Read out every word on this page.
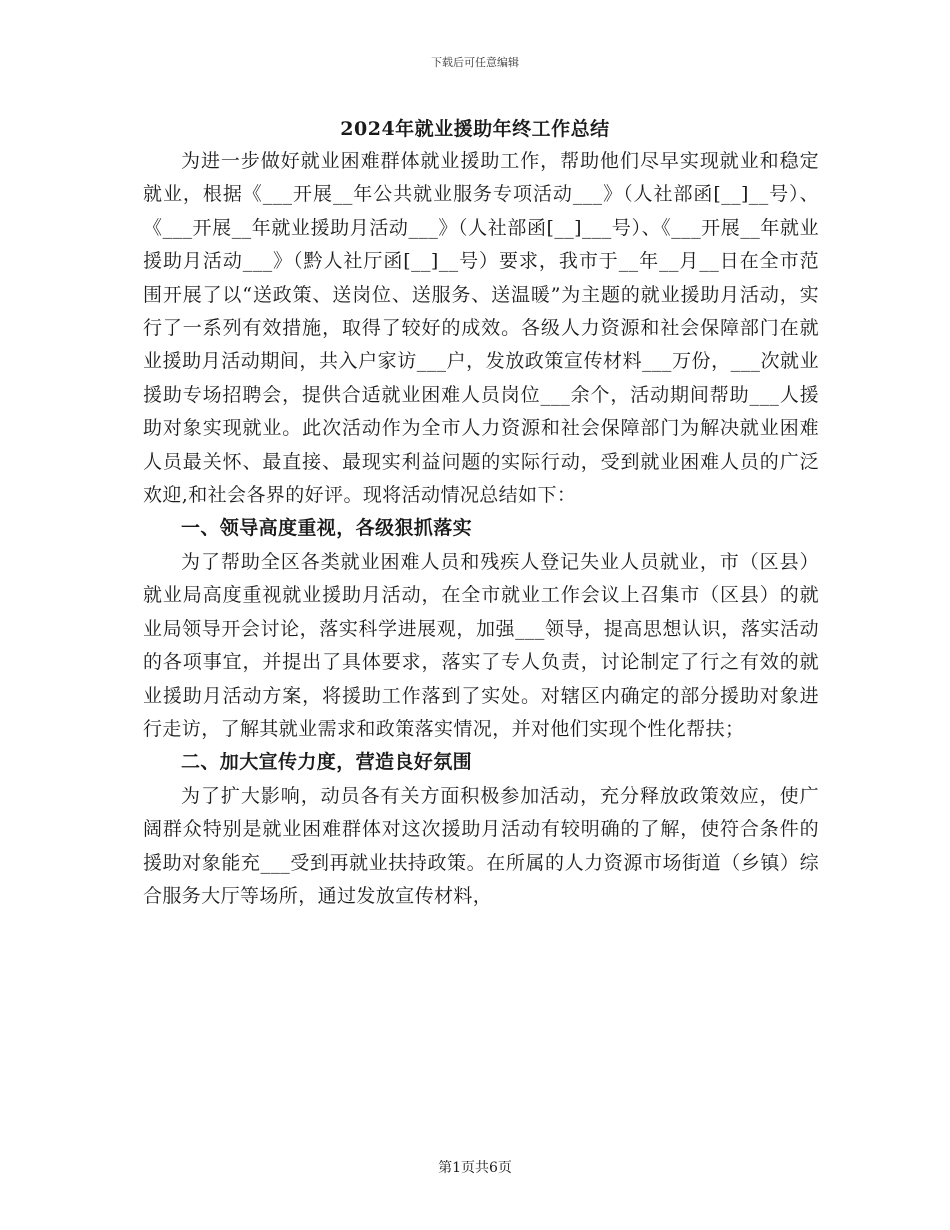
下载后可任意编辑
2024年就业援助年终工作总结

为进一步做好就业困难群体就业援助工作，帮助他们尽早实现就业和稳定就业，根据《___开展__年公共就业服务专项活动___》（人社部函[__]__号）、《___开展__年就业援助月活动___》（人社部函[__]___号）、《___开展__年就业援助月活动___》（黔人社厅函[__]__号）要求，我市于__年__月__日在全市范围开展了以“送政策、送岗位、送服务、送温暖”为主题的就业援助月活动，实行了一系列有效措施，取得了较好的成效。各级人力资源和社会保障部门在就业援助月活动期间，共入户家访___户，发放政策宣传材料___万份，___次就业援助专场招聘会，提供合适就业困难人员岗位___余个，活动期间帮助___人援助对象实现就业。此次活动作为全市人力资源和社会保障部门为解决就业困难人员最关怀、最直接、最现实利益问题的实际行动，受到就业困难人员的广泛欢迎,和社会各界的好评。现将活动情况总结如下：

一、领导高度重视，各级狠抓落实

为了帮助全区各类就业困难人员和残疾人登记失业人员就业，市（区县）就业局高度重视就业援助月活动，在全市就业工作会议上召集市（区县）的就业局领导开会讨论，落实科学进展观，加强___领导，提高思想认识，落实活动的各项事宜，并提出了具体要求，落实了专人负责，讨论制定了行之有效的就业援助月活动方案，将援助工作落到了实处。对辖区内确定的部分援助对象进行走访，了解其就业需求和政策落实情况，并对他们实现个性化帮扶；

二、加大宣传力度，营造良好氛围

为了扩大影响，动员各有关方面积极参加活动，充分释放政策效应，使广阔群众特别是就业困难群体对这次援助月活动有较明确的了解，使符合条件的援助对象能充___受到再就业扶持政策。在所属的人力资源市场街道（乡镇）综合服务大厅等场所，通过发放宣传材料，

第1页共6页
